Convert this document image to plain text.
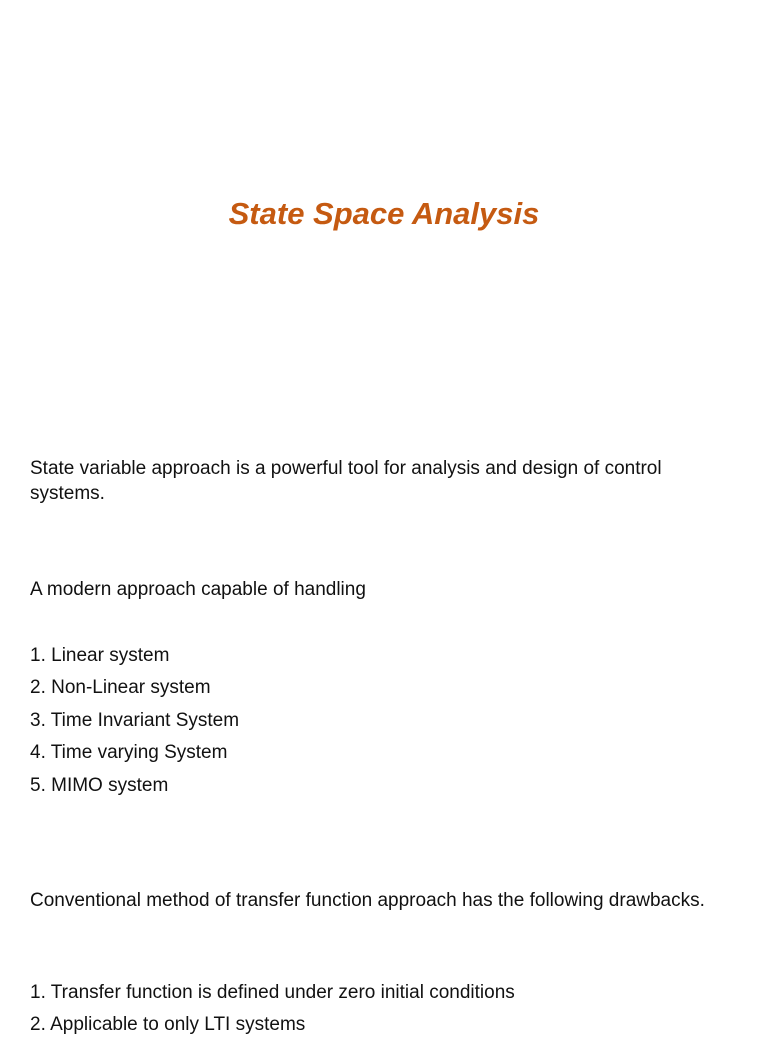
State Space Analysis

State variable approach is a powerful tool for analysis and design of control systems.

A modern approach capable of handling

1. Linear system
2. Non-Linear system
3. Time Invariant System
4. Time varying System
5. MIMO system

Conventional method of transfer function approach has the following drawbacks.

1. Transfer function is defined under zero initial conditions
2. Applicable to only LTI systems
